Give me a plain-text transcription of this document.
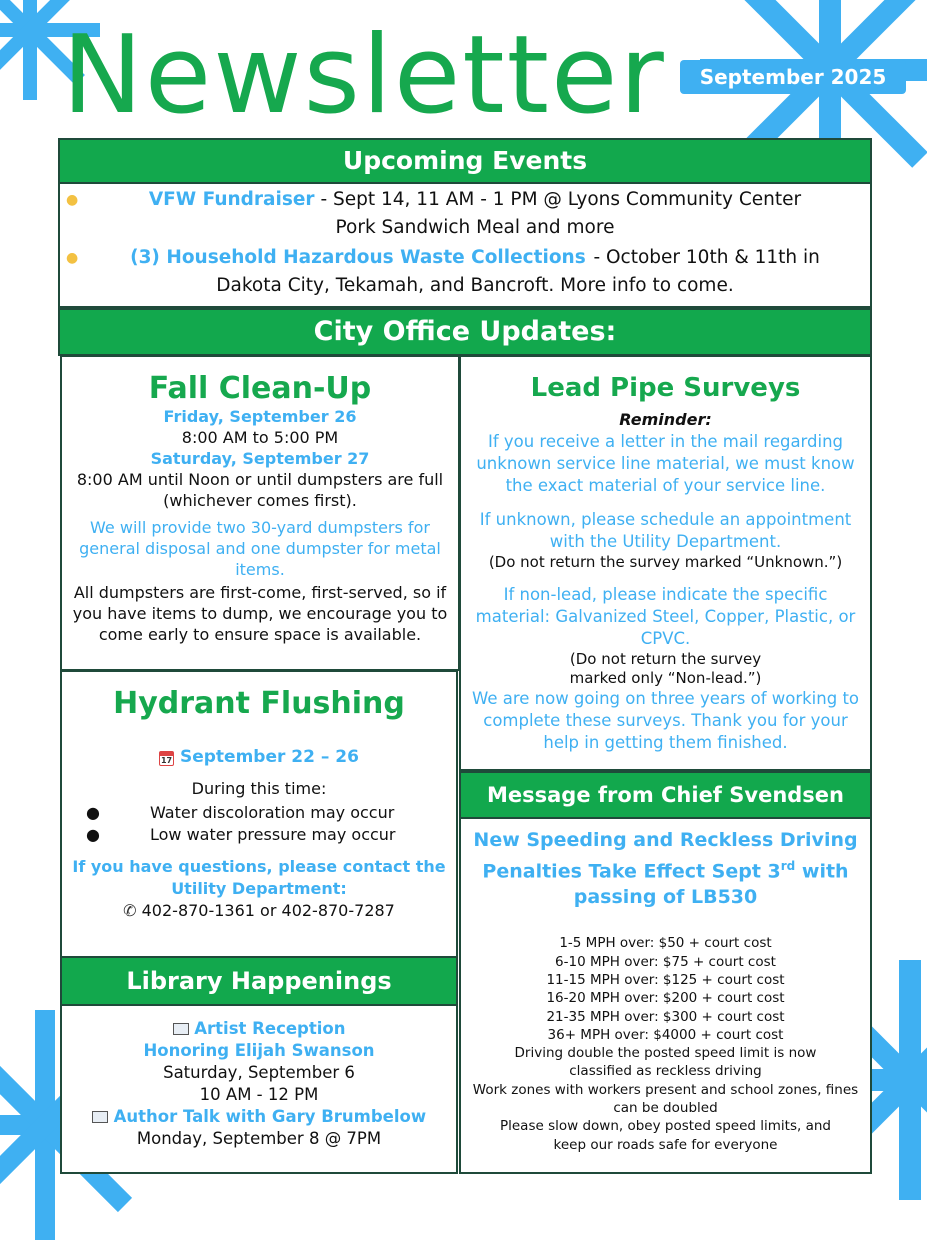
Newsletter	September 2025
Upcoming Events
●	VFW Fundraiser - Sept 14, 11 AM - 1 PM @ Lyons Community Center
Pork Sandwich Meal and more
●	(3) Household Hazardous Waste Collections  - October 10th & 11th in
Dakota City, Tekamah, and Bancroft. More info to come.
City Office Updates:
Fall Clean-Up

Friday, September 26

8:00 AM to 5:00 PM

Saturday, September 27

8:00 AM until Noon or until dumpsters are full (whichever comes first).

We will provide two 30-yard dumpsters for general disposal and one dumpster for metal items.

All dumpsters are first-come, first-served, so if you have items to dump, we encourage you to come early to ensure space is available.

Lead Pipe Surveys

Reminder:

If you receive a letter in the mail regarding unknown service line material, we must know the exact material of your service line.

If unknown, please schedule an appointment with the Utility Department.

(Do not return the survey marked “Unknown.”)

If non-lead, please indicate the specific material: Galvanized Steel, Copper, Plastic, or CPVC.

(Do not return the survey marked only “Non-lead.”)

We are now going on three years of working to complete these surveys. Thank you for your help in getting them finished.

Hydrant Flushing

17 September 22 – 26

During this time:

●	Water discoloration may occur
●	Low water pressure may occur

If you have questions, please contact the Utility Department:

✆ 402-870-1361 or 402-870-7287

Library Happenings

Artist Reception

Honoring Elijah Swanson

Saturday, September 6

10 AM - 12 PM

Author Talk with Gary Brumbelow

Monday, September 8 @ 7PM

Message from Chief Svendsen

New Speeding and Reckless Driving Penalties Take Effect Sept 3rd with passing of LB530

1-5 MPH over: $50 + court cost

6-10 MPH over: $75 + court cost

11-15 MPH over: $125 + court cost

16-20 MPH over: $200 + court cost

21-35 MPH over: $300 + court cost

36+ MPH over: $4000 + court cost

Driving double the posted speed limit is now classified as reckless driving

Work zones with workers present and school zones, fines can be doubled

Please slow down, obey posted speed limits, and keep our roads safe for everyone
